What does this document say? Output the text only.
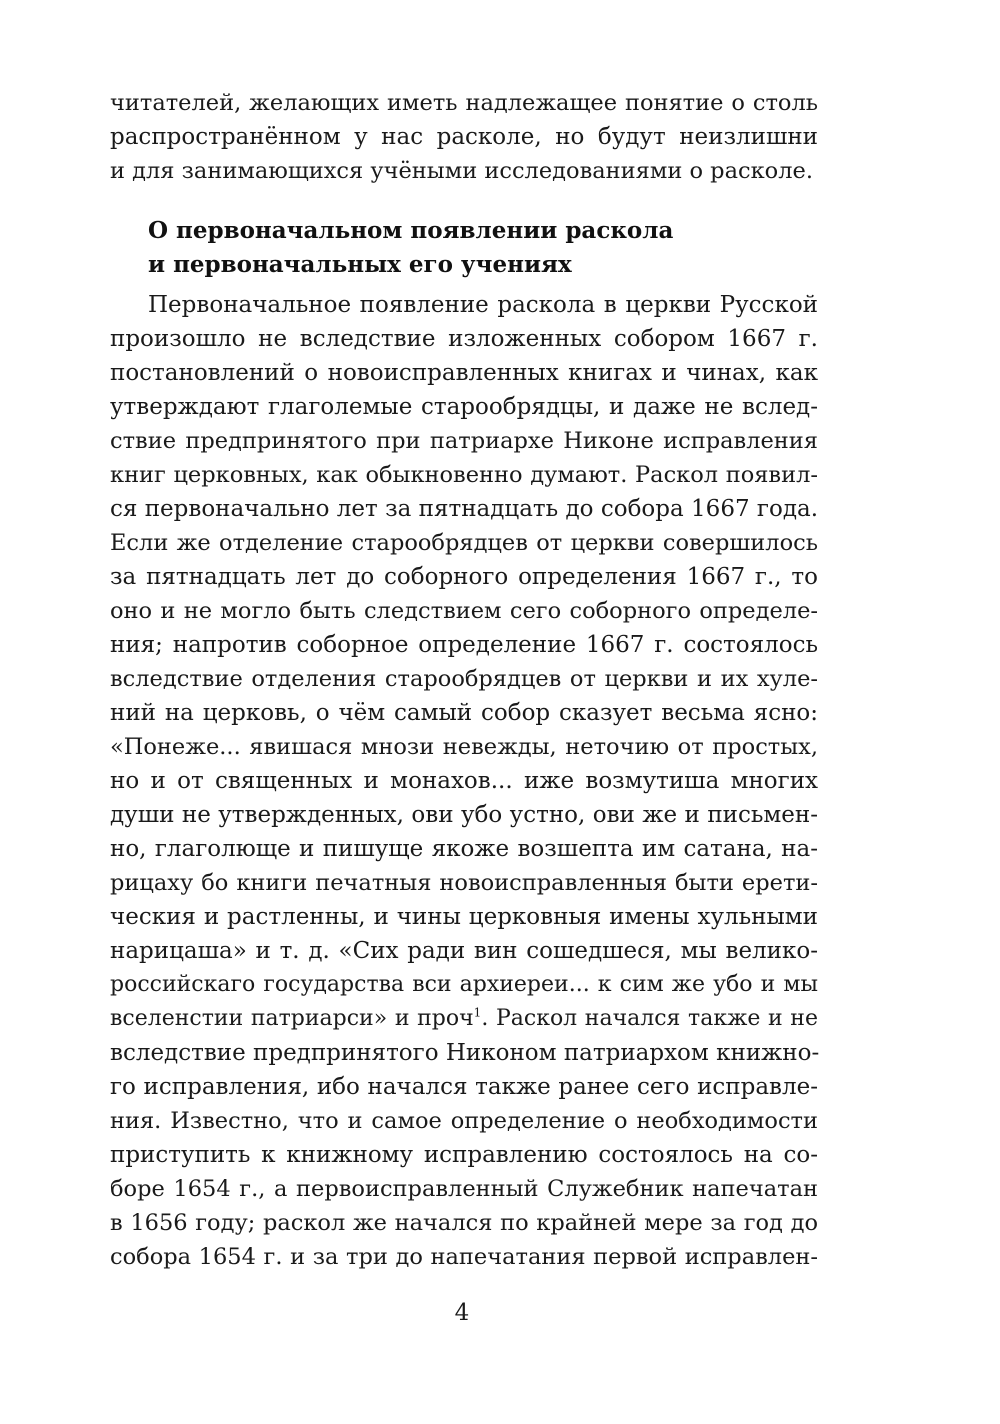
читателей, желающих иметь надлежащее понятие о столь
распространённом у нас расколе, но будут неизлишни
и для занимающихся учёными исследованиями о расколе.
О первоначальном появлении раскола
и первоначальных его учениях
Первоначальное появление раскола в церкви Русской
произошло не вследствие изложенных собором 1667 г.
постановлений о новоисправленных книгах и чинах, как
утверждают глаголемые старообрядцы, и даже не вслед-
ствие предпринятого при патриархе Никоне исправления
книг церковных, как обыкновенно думают. Раскол появил-
ся первоначально лет за пятнадцать до собора 1667 года.
Если же отделение старообрядцев от церкви совершилось
за пятнадцать лет до соборного определения 1667 г., то
оно и не могло быть следствием сего соборного определе-
ния; напротив соборное определение 1667 г. состоялось
вследствие отделения старообрядцев от церкви и их хуле-
ний на церковь, о чём самый собор сказует весьма ясно:
«Понеже... явишася мнози невежды, неточию от простых,
но и от священных и монахов... иже возмутиша многих
души не утвержденных, ови убо устно, ови же и письмен-
но, глаголюще и пишуще якоже возшепта им сатана, на-
рицаху бо книги печатныя новоисправленныя быти ерети-
ческия и растленны, и чины церковныя имены хульными
нарицаша» и т. д. «Сих ради вин сошедшеся, мы велико-
российскаго государства вси архиереи... к сим же убо и мы
вселенстии патриарси» и проч$^1$. Раскол начался также и не
вследствие предпринятого Никоном патриархом книжно-
го исправления, ибо начался также ранее сего исправле-
ния. Известно, что и самое определение о необходимости
приступить к книжному исправлению состоялось на со-
боре 1654 г., а первоисправленный Служебник напечатан
в 1656 году; раскол же начался по крайней мере за год до
собора 1654 г. и за три до напечатания первой исправлен-
4
